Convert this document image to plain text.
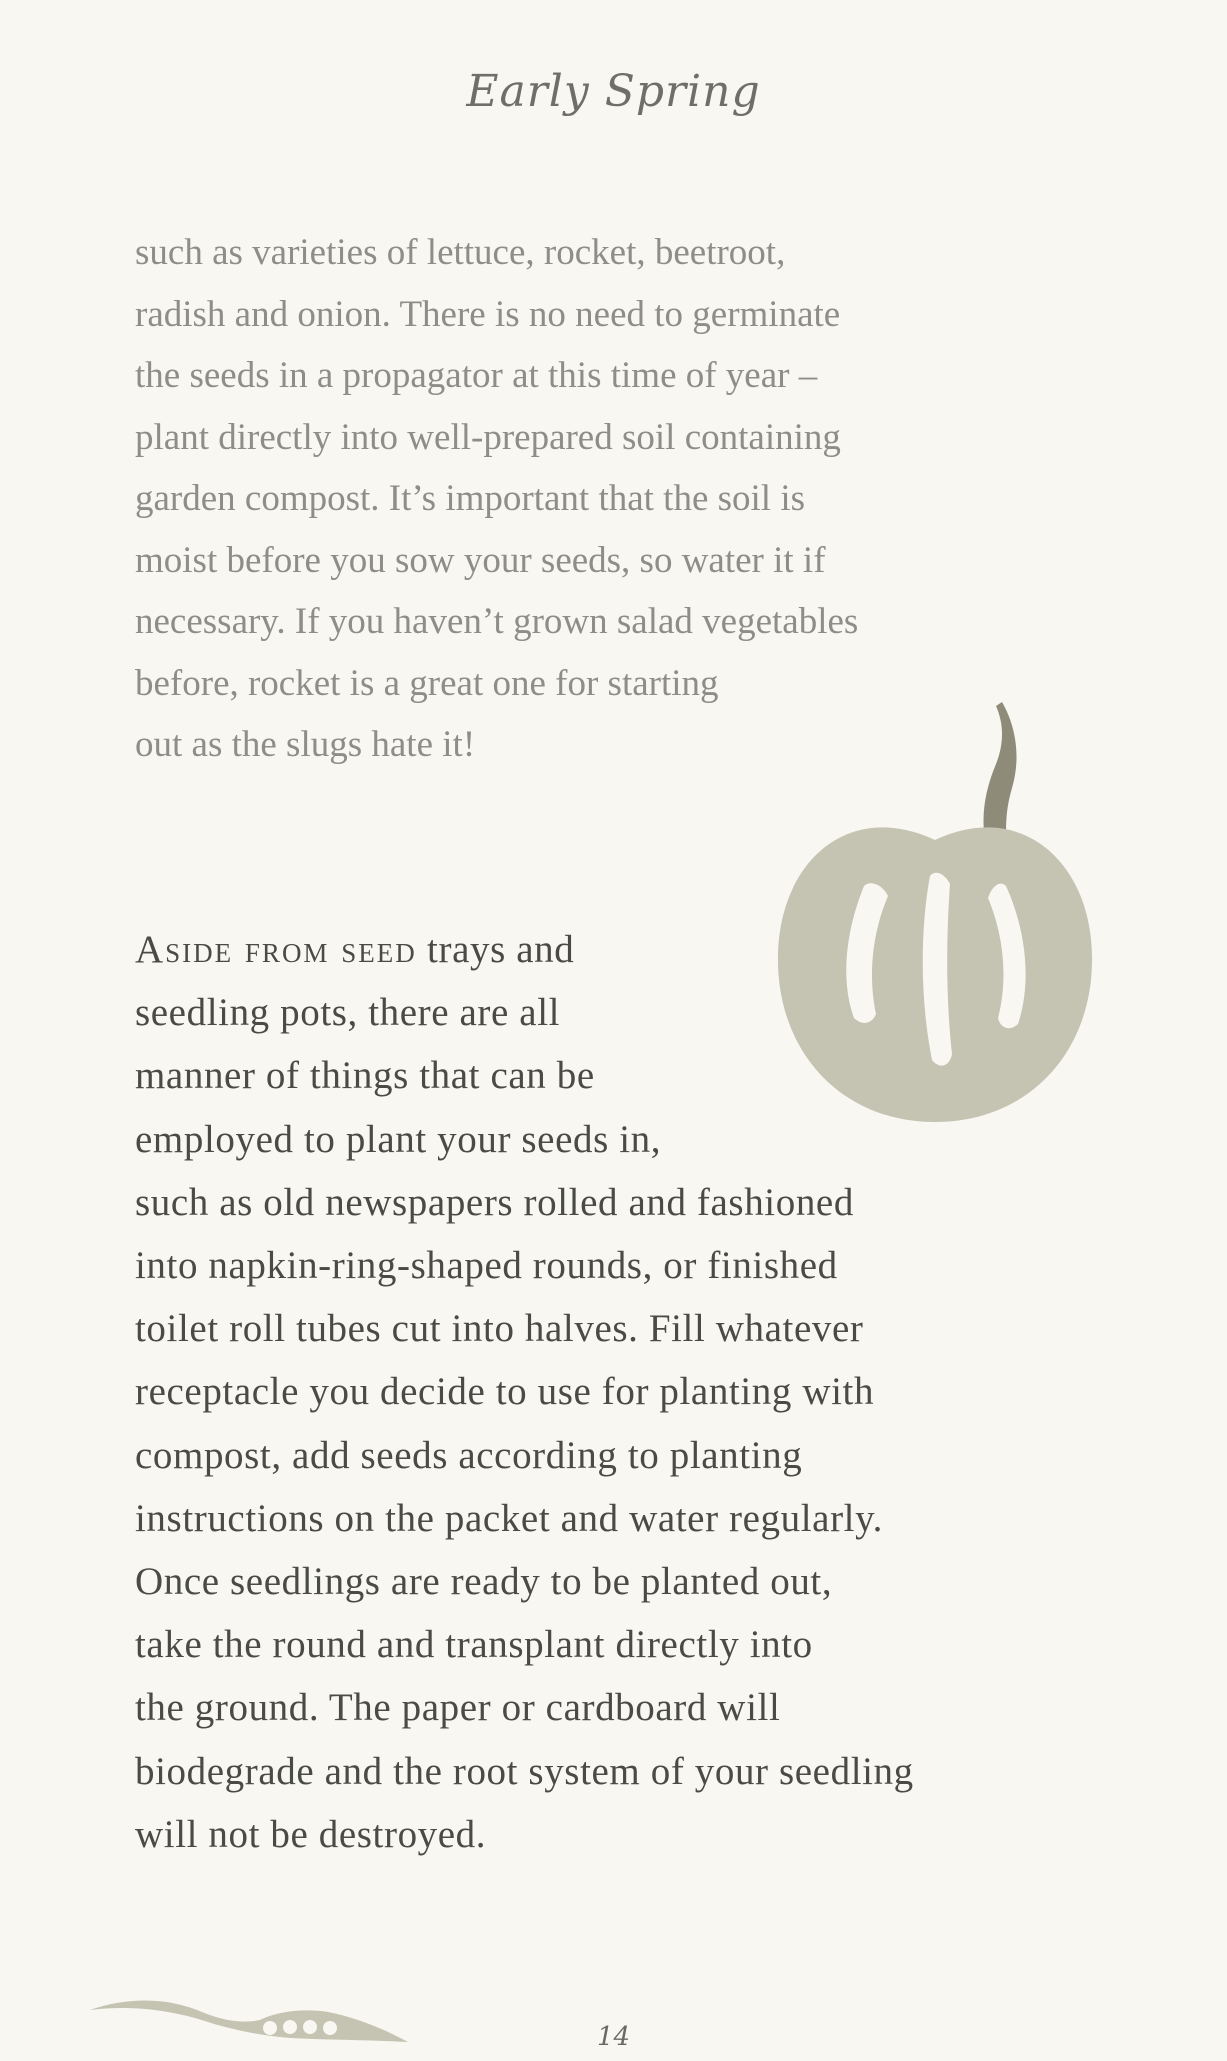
Early Spring

such as varieties of lettuce, rocket, beetroot,
radish and onion. There is no need to germinate
the seeds in a propagator at this time of year –
plant directly into well-prepared soil containing
garden compost. It’s important that the soil is
moist before you sow your seeds, so water it if
necessary. If you haven’t grown salad vegetables
before, rocket is a great one for starting
out as the slugs hate it!

Aside from seed trays and
seedling pots, there are all
manner of things that can be
employed to plant your seeds in,
such as old newspapers rolled and fashioned
into napkin-ring-shaped rounds, or finished
toilet roll tubes cut into halves. Fill whatever
receptacle you decide to use for planting with
compost, add seeds according to planting
instructions on the packet and water regularly.
Once seedlings are ready to be planted out,
take the round and transplant directly into
the ground. The paper or cardboard will
biodegrade and the root system of your seedling
will not be destroyed.

14
